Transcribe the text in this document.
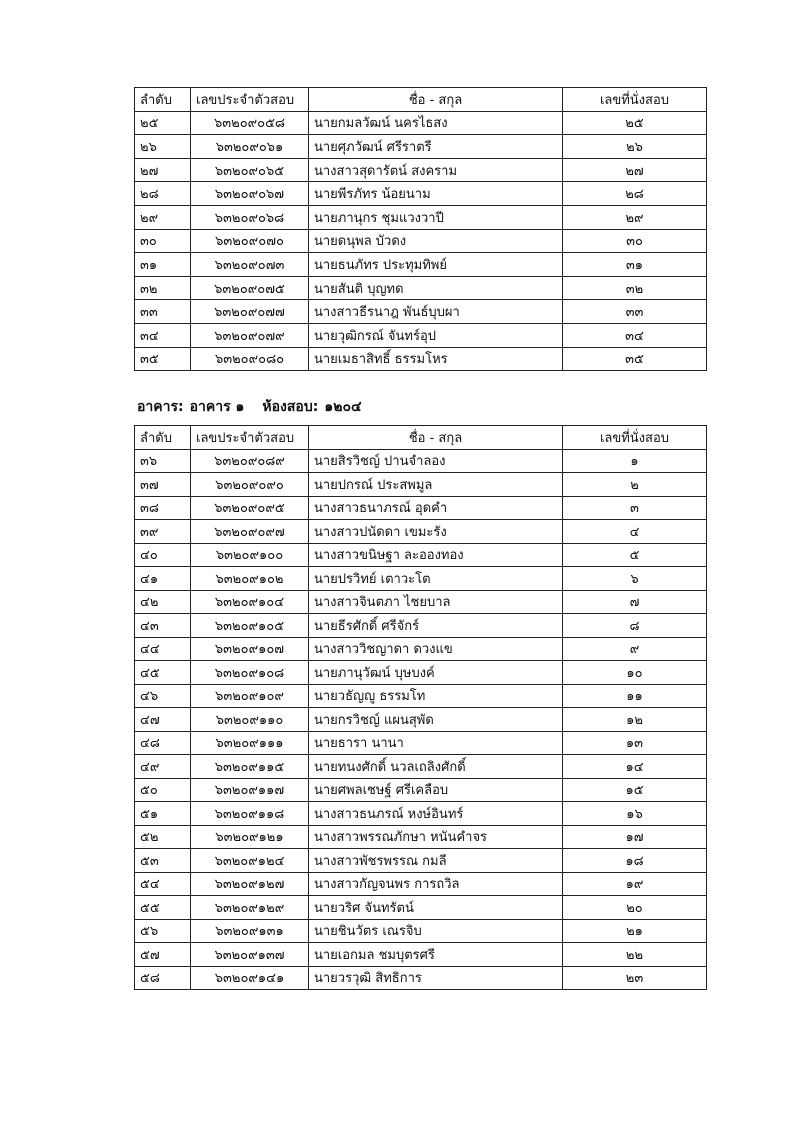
ลำดับ	เลขประจำตัวสอบ	ชื่อ - สกุล	เลขที่นั่งสอบ
๒๕	๖๓๒๐๙๐๕๘	นายกมลวัฒน์ นครไธสง	๒๕
๒๖	๖๓๒๐๙๐๖๑	นายศุภวัฒน์ ศรีราตรี	๒๖
๒๗	๖๓๒๐๙๐๖๕	นางสาวสุดารัตน์ สงคราม	๒๗
๒๘	๖๓๒๐๙๐๖๗	นายพีรภัทร น้อยนาม	๒๘
๒๙	๖๓๒๐๙๐๖๘	นายภานุกร ชุมแวงวาปี	๒๙
๓๐	๖๓๒๐๙๐๗๐	นายดนุพล บัวดง	๓๐
๓๑	๖๓๒๐๙๐๗๓	นายธนภัทร ประทุมทิพย์	๓๑
๓๒	๖๓๒๐๙๐๗๕	นายสันติ บุญทด	๓๒
๓๓	๖๓๒๐๙๐๗๗	นางสาวธีรนาฎ พันธ์บุบผา	๓๓
๓๔	๖๓๒๐๙๐๗๙	นายวุฒิกรณ์ จันทร์อุป	๓๔
๓๕	๖๓๒๐๙๐๘๐	นายเมธาสิทธิ์ ธรรมโหร	๓๕
อาคาร: อาคาร ๑ ห้องสอบ: ๑๒๐๔
ลำดับ	เลขประจำตัวสอบ	ชื่อ - สกุล	เลขที่นั่งสอบ
๓๖	๖๓๒๐๙๐๘๙	นายสิรวิชญ์ ปานจำลอง	๑
๓๗	๖๓๒๐๙๐๙๐	นายปกรณ์ ประสพมูล	๒
๓๘	๖๓๒๐๙๐๙๕	นางสาวธนาภรณ์ อุดคำ	๓
๓๙	๖๓๒๐๙๐๙๗	นางสาวปนัดดา เขมะรัง	๔
๔๐	๖๓๒๐๙๑๐๐	นางสาวขนิษฐา ละอองทอง	๕
๔๑	๖๓๒๐๙๑๐๒	นายปรวิทย์ เตาวะโต	๖
๔๒	๖๓๒๐๙๑๐๔	นางสาวจินตภา ไชยบาล	๗
๔๓	๖๓๒๐๙๑๐๕	นายธีรศักดิ์ ศรีจักร์	๘
๔๔	๖๓๒๐๙๑๐๗	นางสาววิชญาดา ดวงแข	๙
๔๕	๖๓๒๐๙๑๐๘	นายภานุวัฒน์ บุษบงค์	๑๐
๔๖	๖๓๒๐๙๑๐๙	นายวธัญญู ธรรมโท	๑๑
๔๗	๖๓๒๐๙๑๑๐	นายกรวิชญ์ แผนสุพัด	๑๒
๔๘	๖๓๒๐๙๑๑๑	นายธารา นานา	๑๓
๔๙	๖๓๒๐๙๑๑๕	นายทนงศักดิ์ นวลเถลิงศักดิ์	๑๔
๕๐	๖๓๒๐๙๑๑๗	นายศพลเชษฐ์ ศรีเคลือบ	๑๕
๕๑	๖๓๒๐๙๑๑๘	นางสาวธนภรณ์ หงษ์อินทร์	๑๖
๕๒	๖๓๒๐๙๑๒๑	นางสาวพรรณภักษา หนันคำจร	๑๗
๕๓	๖๓๒๐๙๑๒๔	นางสาวพัชรพรรณ กมลี	๑๘
๕๔	๖๓๒๐๙๑๒๗	นางสาวกัญจนพร การถวิล	๑๙
๕๕	๖๓๒๐๙๑๒๙	นายวริศ จันทรัตน์	๒๐
๕๖	๖๓๒๐๙๑๓๑	นายชินวัตร เณรจิบ	๒๑
๕๗	๖๓๒๐๙๑๓๗	นายเอกมล ชมบุตรศรี	๒๒
๕๘	๖๓๒๐๙๑๔๑	นายวรวุฒิ สิทธิการ	๒๓
